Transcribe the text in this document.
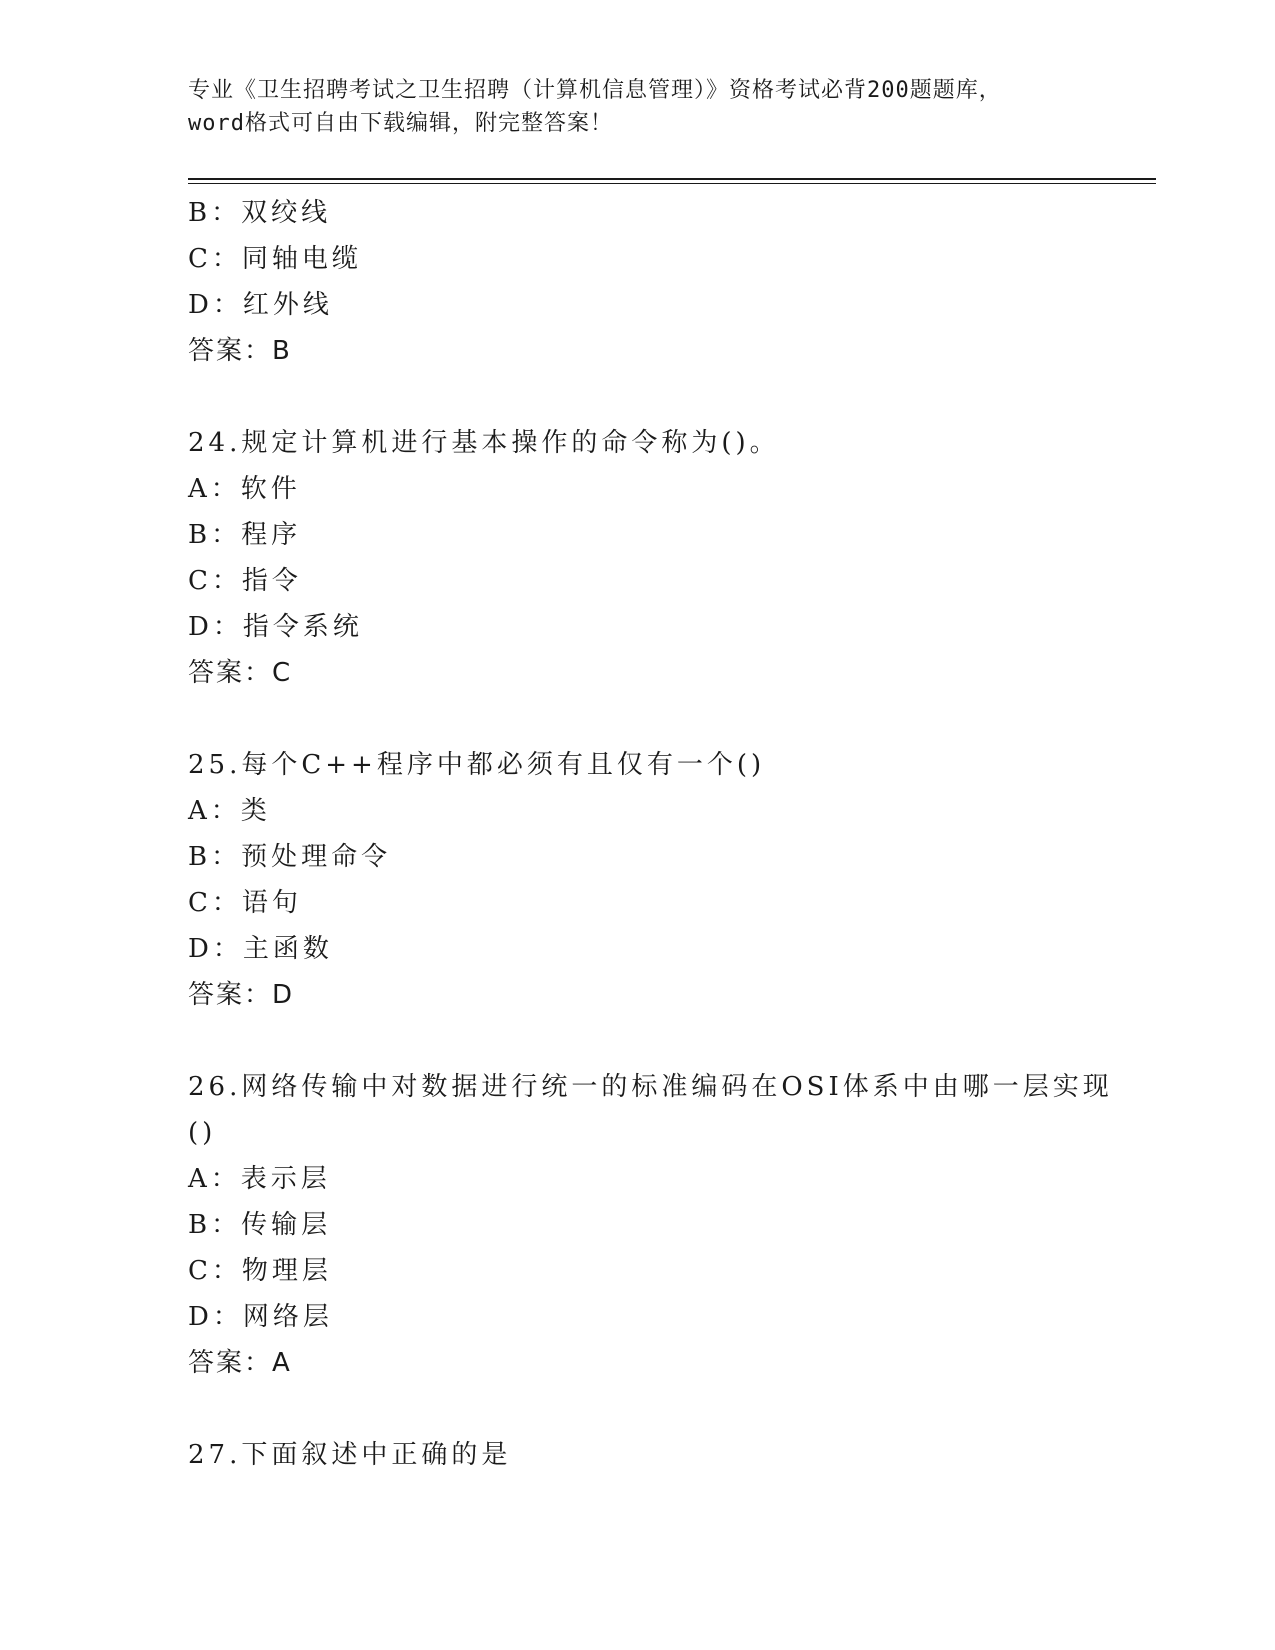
专业《卫生招聘考试之卫生招聘（计算机信息管理）》资格考试必背200题题库，
word格式可自由下载编辑，附完整答案！
B：双绞线
C：同轴电缆
D：红外线
答案：B
24.规定计算机进行基本操作的命令称为()。
A：软件
B：程序
C：指令
D：指令系统
答案：C
25.每个C++程序中都必须有且仅有一个()
A：类
B：预处理命令
C：语句
D：主函数
答案：D
26.网络传输中对数据进行统一的标准编码在OSI体系中由哪一层实现
()
A：表示层
B：传输层
C：物理层
D：网络层
答案：A
27.下面叙述中正确的是
